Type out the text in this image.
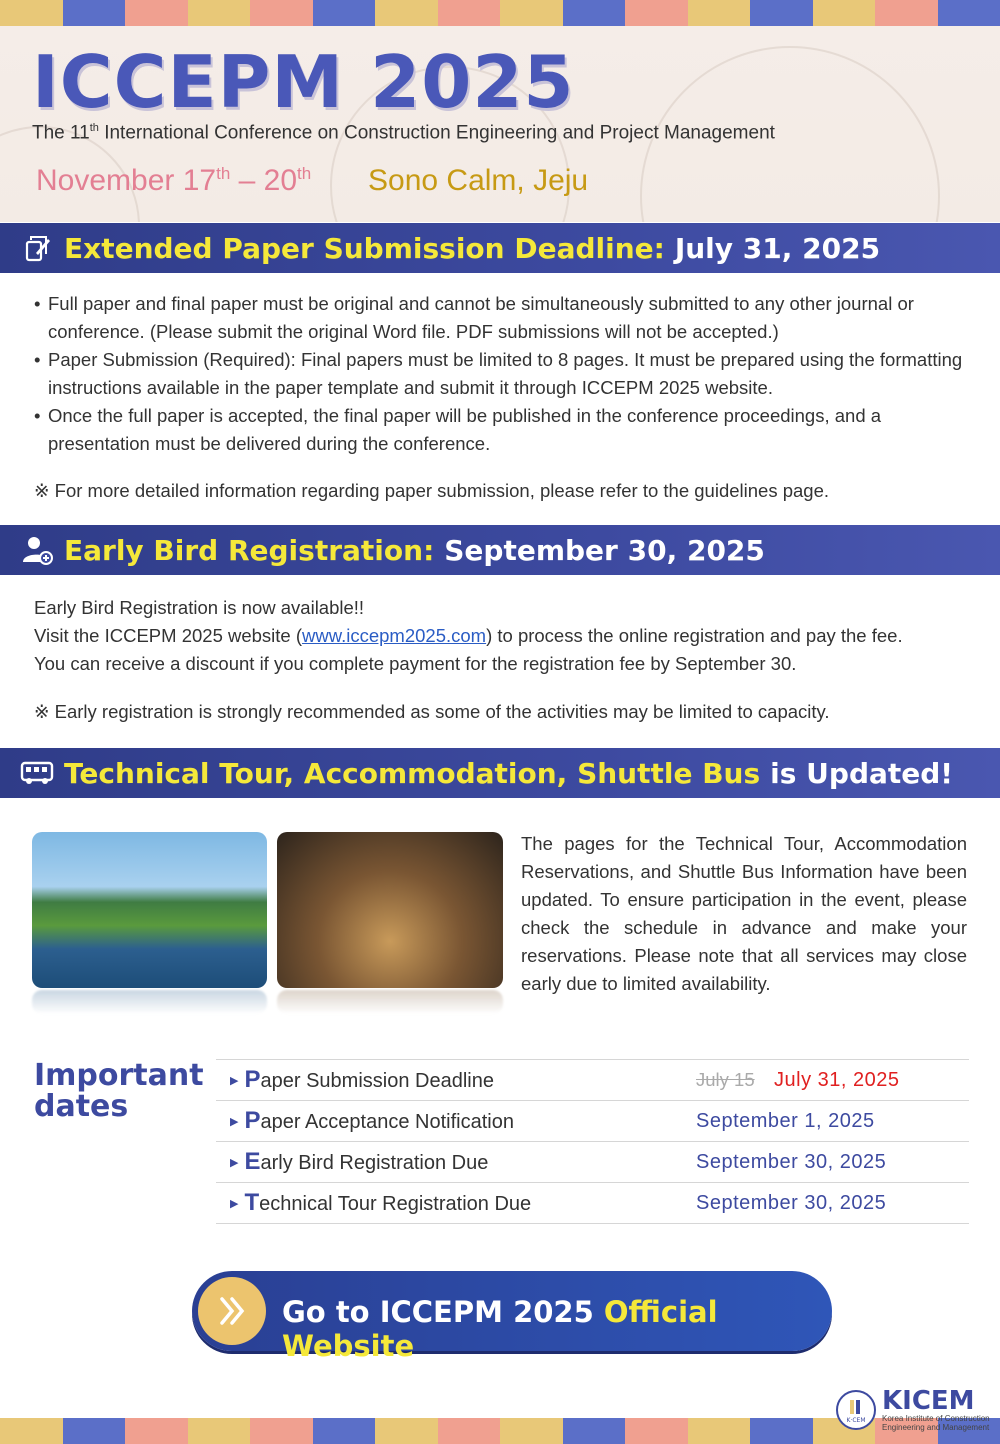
ICCEPM 2025
The 11th International Conference on Construction Engineering and Project Management
November 17th – 20th Sono Calm, Jeju
Extended Paper Submission Deadline: July 31, 2025
• Full paper and final paper must be original and cannot be simultaneously submitted to any other journal or conference. (Please submit the original Word file. PDF submissions will not be accepted.)
• Paper Submission (Required): Final papers must be limited to 8 pages. It must be prepared using the formatting instructions available in the paper template and submit it through ICCEPM 2025 website.
• Once the full paper is accepted, the final paper will be published in the conference proceedings, and a presentation must be delivered during the conference.
※ For more detailed information regarding paper submission, please refer to the guidelines page.
Early Bird Registration: September 30, 2025
Early Bird Registration is now available!!
Visit the ICCEPM 2025 website (www.iccepm2025.com) to process the online registration and pay the fee.
You can receive a discount if you complete payment for the registration fee by September 30.
※ Early registration is strongly recommended as some of the activities may be limited to capacity.
Technical Tour, Accommodation, Shuttle Bus is Updated!
The pages for the Technical Tour, Accommodation Reservations, and Shuttle Bus Information have been updated. To ensure participation in the event, please check the schedule in advance and make your reservations. Please note that all services may close early due to limited availability.
Important dates
▶ Paper Submission Deadline	July 15 July 31, 2025
▶ Paper Acceptance Notification	September 1, 2025
▶ Early Bird Registration Due	September 30, 2025
▶ Technical Tour Registration Due	September 30, 2025
Go to ICCEPM 2025 Official Website
K·CEM
KICEM
Korea Institute of Construction
Engineering and Management
